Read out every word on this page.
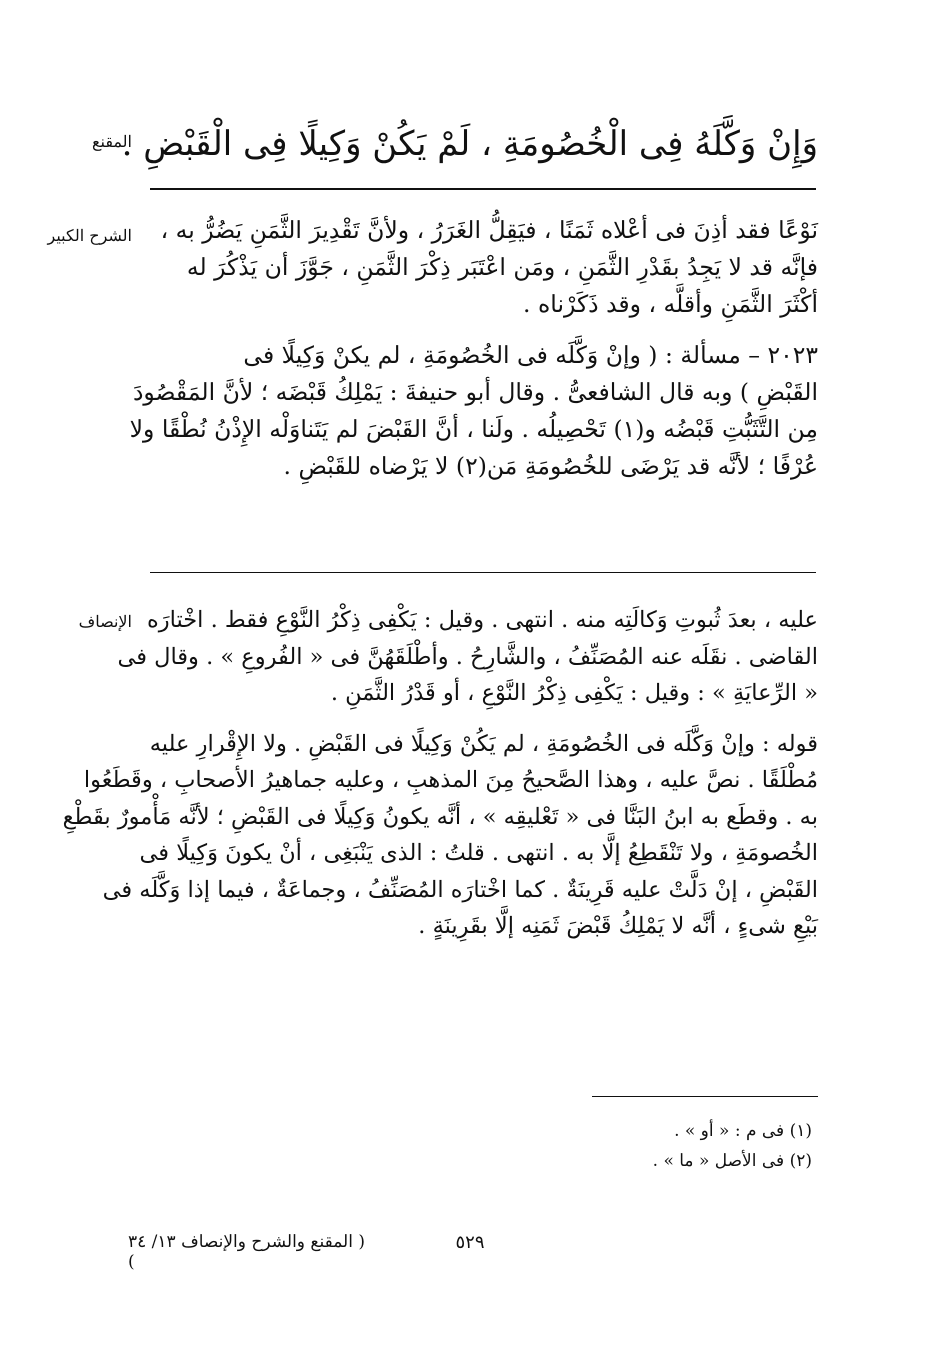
المقنع
الشرح الكبير
الإنصاف
وَإِنْ وَكَّلَهُ فِى الْخُصُومَةِ ، لَمْ يَكُنْ وَكِيلًا فِى الْقَبْضِ .
نَوْعًا فقد أذِنَ فى أعْلاه ثَمَنًا ، فيَقِلُّ الغَرَرُ ، ولأنَّ تَقْدِيرَ الثَّمَنِ يَضُرُّ به ،
فإنَّه قد لا يَجِدُ بقَدْرِ الثَّمَنِ ، ومَن اعْتَبَر ذِكْرَ الثَّمَنِ ، جَوَّزَ أن يَذْكُرَ له
أكْثَرَ الثَّمَنِ وأقلَّه ، وقد ذَكَرْناه .
٢٠٢٣ – مسألة : ( وإنْ وَكَّلَه فى الخُصُومَةِ ، لم يكنْ وَكِيلًا فى
القَبْضِ ) وبه قال الشافعىُّ . وقال أبو حنيفةَ : يَمْلِكُ قَبْضَه ؛ لأنَّ المَقْصُودَ
مِن التَّثَبُّتِ قَبْضُه و(١) تَحْصِيلُه . ولَنا ، أنَّ القَبْضَ لم يَتَناوَلْه الإِذْنُ نُطْقًا ولا
عُرْفًا ؛ لأنَّه قد يَرْضَى للخُصُومَةِ مَن(٢) لا يَرْضاه للقَبْضِ .
عليه ، بعدَ ثُبوتِ وَكالَتِه منه . انتهى . وقيل : يَكْفِى ذِكْرُ النَّوْعِ فقط . اخْتارَه
القاضى . نقَلَه عنه المُصَنِّفُ ، والشَّارِحُ . وأطْلَقَهُنَّ فى « الفُروعِ » . وقال فى
« الرِّعايَةِ » : وقيل : يَكْفِى ذِكْرُ النَّوْعِ ، أو قَدْرُ الثَّمَنِ .
قوله : وإنْ وَكَّلَه فى الخُصُومَةِ ، لم يَكُنْ وَكِيلًا فى القَبْضِ . ولا الإِقْرارِ عليه
مُطْلَقًا . نصَّ عليه ، وهذا الصَّحيحُ مِنَ المذهبِ ، وعليه جماهيرُ الأصحابِ ، وقَطَعُوا
به . وقطَع به ابنُ البَنَّا فى « تَعْليقِه » ، أنَّه يكونُ وَكِيلًا فى القَبْضِ ؛ لأنَّه مَأْمورٌ بقَطْعِ
الخُصومَةِ ، ولا تَنْقَطِعُ إلَّا به . انتهى . قلتُ : الذى يَنْبَغِى ، أنْ يكونَ وَكِيلًا فى
القَبْضِ ، إنْ دَلَّتْ عليه قَرِينَةٌ . كما اخْتارَه المُصَنِّفُ ، وجماعَةٌ ، فيما إذا وَكَّلَه فى
بَيْعِ شىءٍ ، أنَّه لا يَمْلِكُ قَبْضَ ثَمَنِه إلَّا بقَرِينَةٍ .
(١) فى م : « أو » .
(٢) فى الأصل « ما » .
٥٢٩
( المقنع والشرح والإنصاف ١٣/ ٣٤ )
